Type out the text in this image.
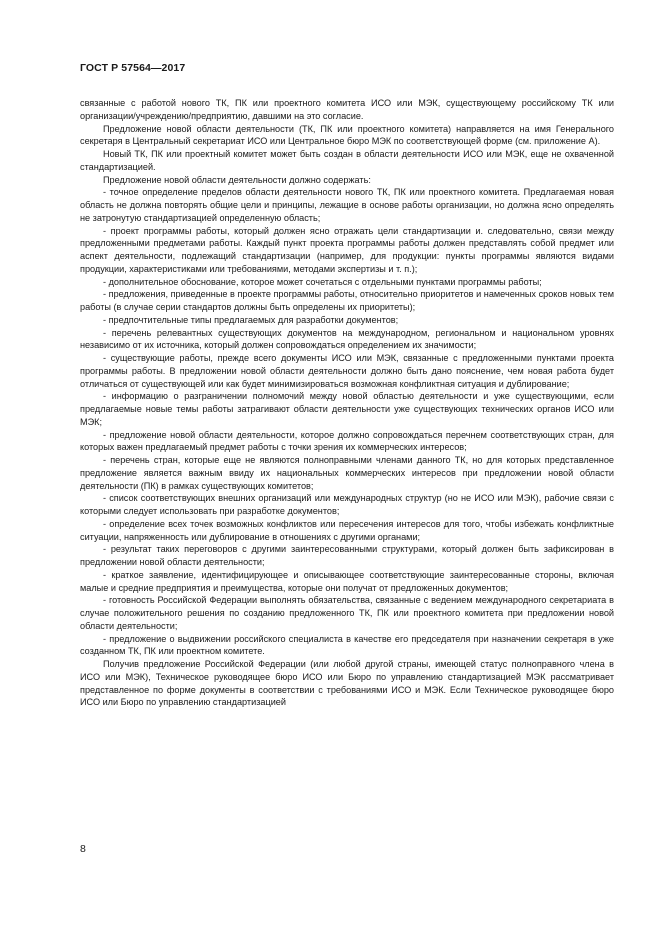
ГОСТ Р 57564—2017

связанные с работой нового ТК, ПК или проектного комитета ИСО или МЭК, существующему российскому ТК или организации/учреждению/предприятию, давшими на это согласие.

Предложение новой области деятельности (ТК, ПК или проектного комитета) направляется на имя Генерального секретаря в Центральный секретариат ИСО или Центральное бюро МЭК по соответствующей форме (см. приложение А).

Новый ТК, ПК или проектный комитет может быть создан в области деятельности ИСО или МЭК, еще не охваченной стандартизацией.

Предложение новой области деятельности должно содержать:

- точное определение пределов области деятельности нового ТК, ПК или проектного комитета. Предлагаемая новая область не должна повторять общие цели и принципы, лежащие в основе работы организации, но должна ясно определять не затронутую стандартизацией определенную область;

- проект программы работы, который должен ясно отражать цели стандартизации и. следовательно, связи между предложенными предметами работы. Каждый пункт проекта программы работы должен представлять собой предмет или аспект деятельности, подлежащий стандартизации (например, для продукции: пункты программы являются видами продукции, характеристиками или требованиями, методами экспертизы и т. п.);

- дополнительное обоснование, которое может сочетаться с отдельными пунктами программы работы;

- предложения, приведенные в проекте программы работы, относительно приоритетов и намеченных сроков новых тем работы (в случае серии стандартов должны быть определены их приоритеты);

- предпочтительные типы предлагаемых для разработки документов;

- перечень релевантных существующих документов на международном, региональном и национальном уровнях независимо от их источника, который должен сопровождаться определением их значимости;

- существующие работы, прежде всего документы ИСО или МЭК, связанные с предложенными пунктами проекта программы работы. В предложении новой области деятельности должно быть дано пояснение, чем новая работа будет отличаться от существующей или как будет минимизироваться возможная конфликтная ситуация и дублирование;

- информацию о разграничении полномочий между новой областью деятельности и уже существующими, если предлагаемые новые темы работы затрагивают области деятельности уже существующих технических органов ИСО или МЭК;

- предложение новой области деятельности, которое должно сопровождаться перечнем соответствующих стран, для которых важен предлагаемый предмет работы с точки зрения их коммерческих интересов;

- перечень стран, которые еще не являются полноправными членами данного ТК, но для которых представленное предложение является важным ввиду их национальных коммерческих интересов при предложении новой области деятельности (ПК) в рамках существующих комитетов;

- список соответствующих внешних организаций или международных структур (но не ИСО или МЭК), рабочие связи с которыми следует использовать при разработке документов;

- определение всех точек возможных конфликтов или пересечения интересов для того, чтобы избежать конфликтные ситуации, напряженность или дублирование в отношениях с другими органами;

- результат таких переговоров с другими заинтересованными структурами, который должен быть зафиксирован в предложении новой области деятельности;

- краткое заявление, идентифицирующее и описывающее соответствующие заинтересованные стороны, включая малые и средние предприятия и преимущества, которые они получат от предложенных документов;

- готовность Российской Федерации выполнять обязательства, связанные с ведением международного секретариата в случае положительного решения по созданию предложенного ТК, ПК или проектного комитета при предложении новой области деятельности;

- предложение о выдвижении российского специалиста в качестве его председателя при назначении секретаря в уже созданном ТК, ПК или проектном комитете.

Получив предложение Российской Федерации (или любой другой страны, имеющей статус полноправного члена в ИСО или МЭК), Техническое руководящее бюро ИСО или Бюро по управлению стандартизацией МЭК рассматривает представленное по форме документы в соответствии с требованиями ИСО и МЭК. Если Техническое руководящее бюро ИСО или Бюро по управлению стандартизацией

8
